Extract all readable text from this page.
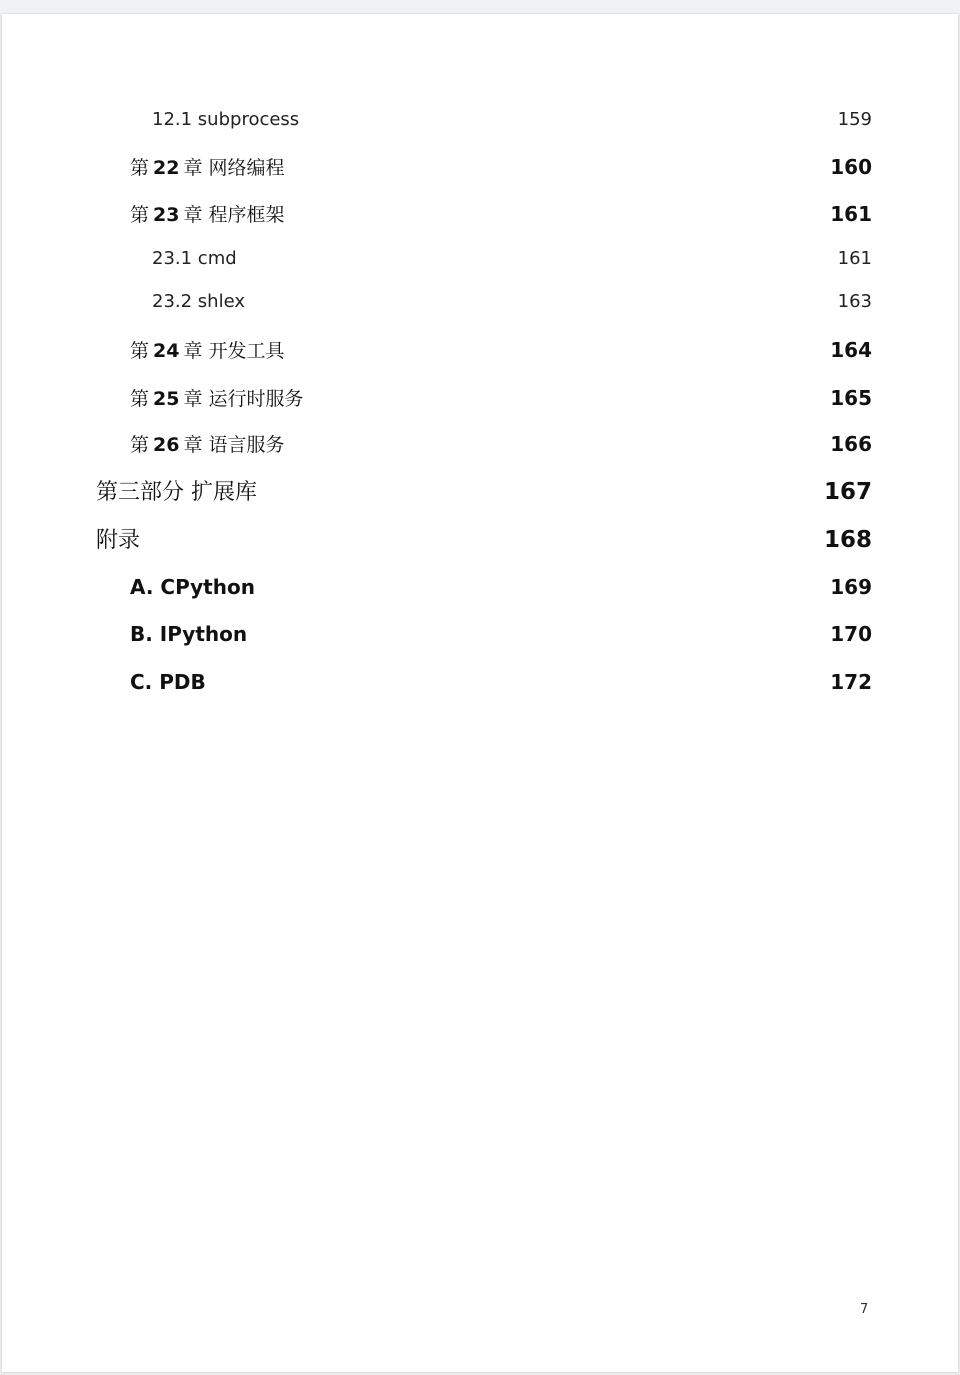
12.1 subprocess	159
第 22 章 网络编程	160
第 23 章 程序框架	161
23.1 cmd	161
23.2 shlex	163
第 24 章 开发工具	164
第 25 章 运行时服务	165
第 26 章 语言服务	166
第三部分 扩展库	167
附录	168
A. CPython	169
B. IPython	170
C. PDB	172
7
